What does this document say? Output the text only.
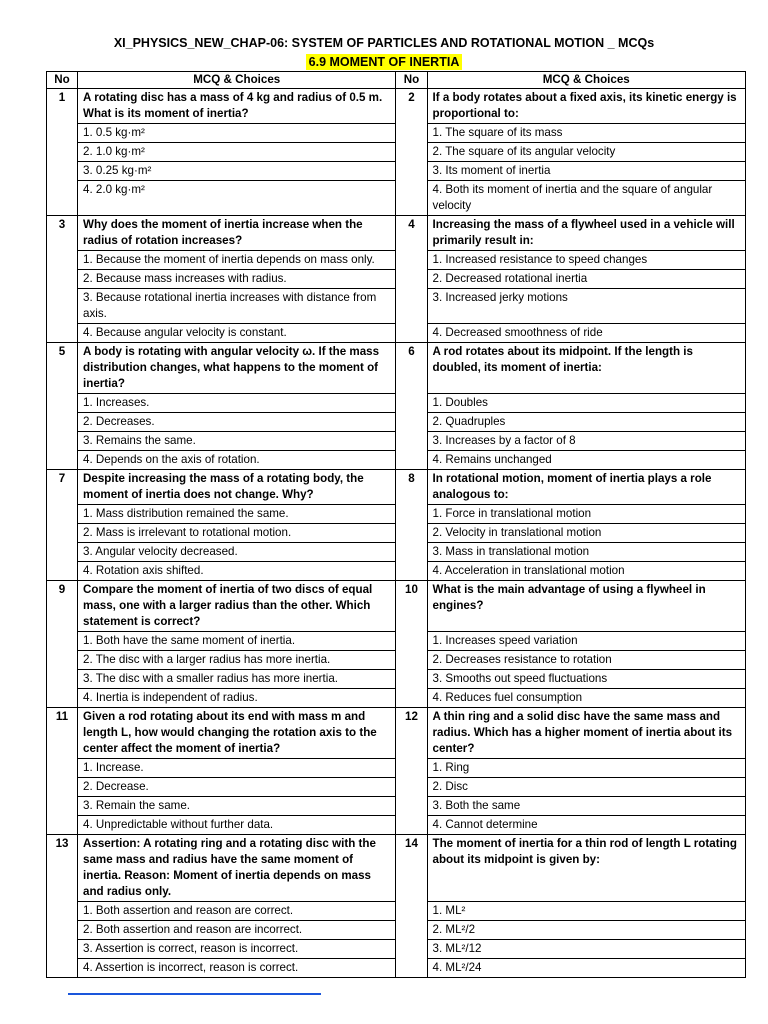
XI_PHYSICS_NEW_CHAP-06: SYSTEM OF PARTICLES AND ROTATIONAL MOTION _ MCQs
6.9 MOMENT OF INERTIA
No	MCQ & Choices	No	MCQ & Choices
1	A rotating disc has a mass of 4 kg and radius of 0.5 m. What is its moment of inertia?	2	If a body rotates about a fixed axis, its kinetic energy is proportional to:
	1. 0.5 kg·m²		1. The square of its mass
	2. 1.0 kg·m²		2. The square of its angular velocity
	3. 0.25 kg·m²		3. Its moment of inertia
	4. 2.0 kg·m²		4. Both its moment of inertia and the square of angular velocity
3	Why does the moment of inertia increase when the radius of rotation increases?	4	Increasing the mass of a flywheel used in a vehicle will primarily result in:
	1. Because the moment of inertia depends on mass only.		1. Increased resistance to speed changes
	2. Because mass increases with radius.		2. Decreased rotational inertia
	3. Because rotational inertia increases with distance from axis.		3. Increased jerky motions
	4. Because angular velocity is constant.		4. Decreased smoothness of ride
5	A body is rotating with angular velocity ω. If the mass distribution changes, what happens to the moment of inertia?	6	A rod rotates about its midpoint. If the length is doubled, its moment of inertia:
	1. Increases.		1. Doubles
	2. Decreases.		2. Quadruples
	3. Remains the same.		3. Increases by a factor of 8
	4. Depends on the axis of rotation.		4. Remains unchanged
7	Despite increasing the mass of a rotating body, the moment of inertia does not change. Why?	8	In rotational motion, moment of inertia plays a role analogous to:
	1. Mass distribution remained the same.		1. Force in translational motion
	2. Mass is irrelevant to rotational motion.		2. Velocity in translational motion
	3. Angular velocity decreased.		3. Mass in translational motion
	4. Rotation axis shifted.		4. Acceleration in translational motion
9	Compare the moment of inertia of two discs of equal mass, one with a larger radius than the other. Which statement is correct?	10	What is the main advantage of using a flywheel in engines?
	1. Both have the same moment of inertia.		1. Increases speed variation
	2. The disc with a larger radius has more inertia.		2. Decreases resistance to rotation
	3. The disc with a smaller radius has more inertia.		3. Smooths out speed fluctuations
	4. Inertia is independent of radius.		4. Reduces fuel consumption
11	Given a rod rotating about its end with mass m and length L, how would changing the rotation axis to the center affect the moment of inertia?	12	A thin ring and a solid disc have the same mass and radius. Which has a higher moment of inertia about its center?
	1. Increase.		1. Ring
	2. Decrease.		2. Disc
	3. Remain the same.		3. Both the same
	4. Unpredictable without further data.		4. Cannot determine
13	Assertion: A rotating ring and a rotating disc with the same mass and radius have the same moment of inertia. Reason: Moment of inertia depends on mass and radius only.	14	The moment of inertia for a thin rod of length L rotating about its midpoint is given by:
	1. Both assertion and reason are correct.		1. ML²
	2. Both assertion and reason are incorrect.		2. ML²/2
	3. Assertion is correct, reason is incorrect.		3. ML²/12
	4. Assertion is incorrect, reason is correct.		4. ML²/24
